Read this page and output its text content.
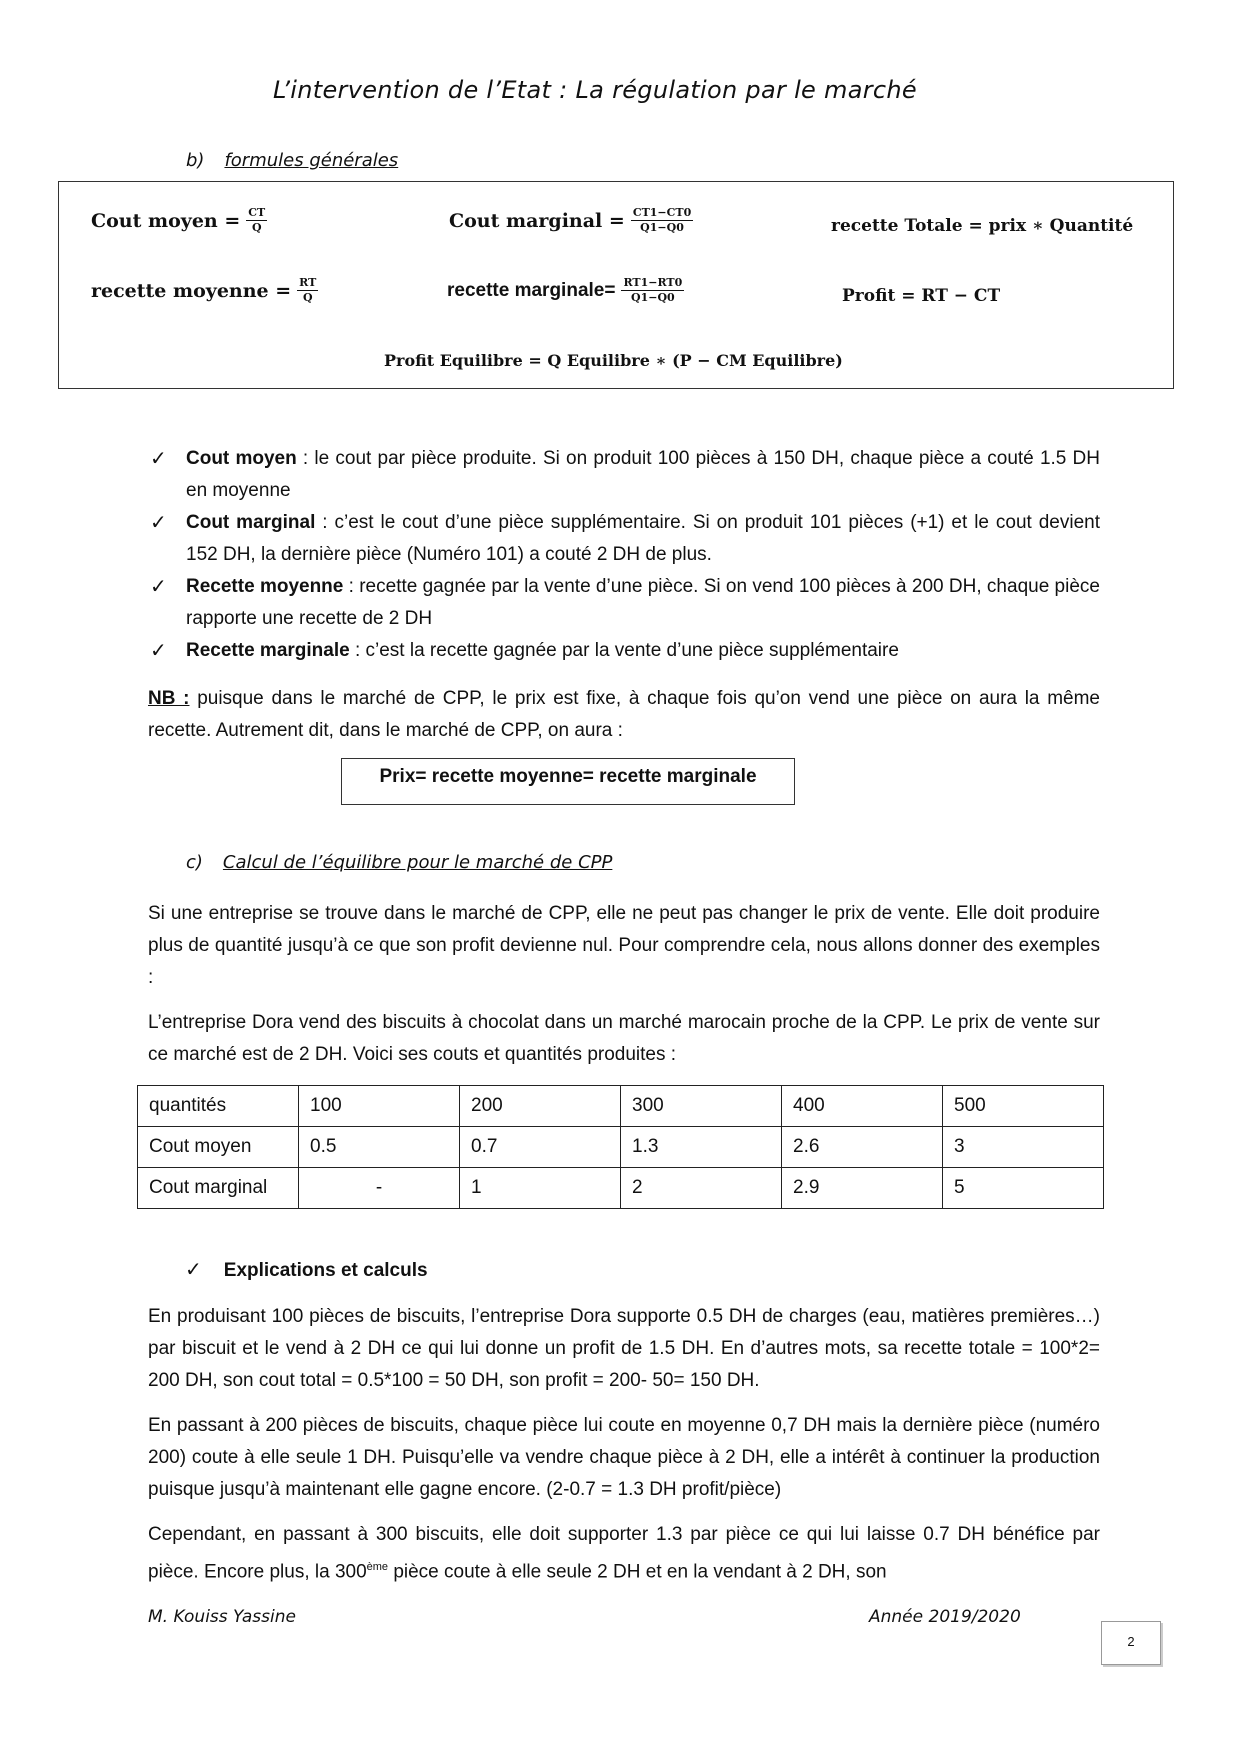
L’intervention de l’Etat : La régulation par le marché
b) formules générales
Cout moyen = $\frac{CT}{Q}$	Cout marginal = $\frac{CT1-CT0}{Q1-Q0}$	recette Totale = prix ∗ Quantité
recette moyenne = $\frac{RT}{Q}$	recette marginale= $\frac{RT1-RT0}{Q1-Q0}$	Profit = RT − CT
Profit Equilibre = Q Equilibre ∗ (P − CM Equilibre)
✓ Cout moyen : le cout par pièce produite. Si on produit 100 pièces à 150 DH, chaque pièce a couté 1.5 DH en moyenne
✓ Cout marginal : c’est le cout d’une pièce supplémentaire. Si on produit 101 pièces (+1) et le cout devient 152 DH, la dernière pièce (Numéro 101) a couté 2 DH de plus.
✓ Recette moyenne : recette gagnée par la vente d’une pièce. Si on vend 100 pièces à 200 DH, chaque pièce rapporte une recette de 2 DH
✓ Recette marginale : c’est la recette gagnée par la vente d’une pièce supplémentaire
NB : puisque dans le marché de CPP, le prix est fixe, à chaque fois qu’on vend une pièce on aura la même recette. Autrement dit, dans le marché de CPP, on aura :
Prix= recette moyenne= recette marginale
c) Calcul de l’équilibre pour le marché de CPP
Si une entreprise se trouve dans le marché de CPP, elle ne peut pas changer le prix de vente. Elle doit produire plus de quantité jusqu’à ce que son profit devienne nul. Pour comprendre cela, nous allons donner des exemples :
L’entreprise Dora vend des biscuits à chocolat dans un marché marocain proche de la CPP. Le prix de vente sur ce marché est de 2 DH. Voici ses couts et quantités produites :
quantités	100	200	300	400	500
Cout moyen	0.5	0.7	1.3	2.6	3
Cout marginal	-	1	2	2.9	5
✓ Explications et calculs
En produisant 100 pièces de biscuits, l’entreprise Dora supporte 0.5 DH de charges (eau, matières premières…) par biscuit et le vend à 2 DH ce qui lui donne un profit de 1.5 DH. En d’autres mots, sa recette totale = 100*2= 200 DH, son cout total = 0.5*100 = 50 DH, son profit = 200- 50= 150 DH.
En passant à 200 pièces de biscuits, chaque pièce lui coute en moyenne 0,7 DH mais la dernière pièce (numéro 200) coute à elle seule 1 DH. Puisqu’elle va vendre chaque pièce à 2 DH, elle a intérêt à continuer la production puisque jusqu’à maintenant elle gagne encore. (2-0.7 = 1.3 DH profit/pièce)
Cependant, en passant à 300 biscuits, elle doit supporter 1.3 par pièce ce qui lui laisse 0.7 DH bénéfice par pièce. Encore plus, la 300ème pièce coute à elle seule 2 DH et en la vendant à 2 DH, son
M. Kouiss Yassine	Année 2019/2020
2
